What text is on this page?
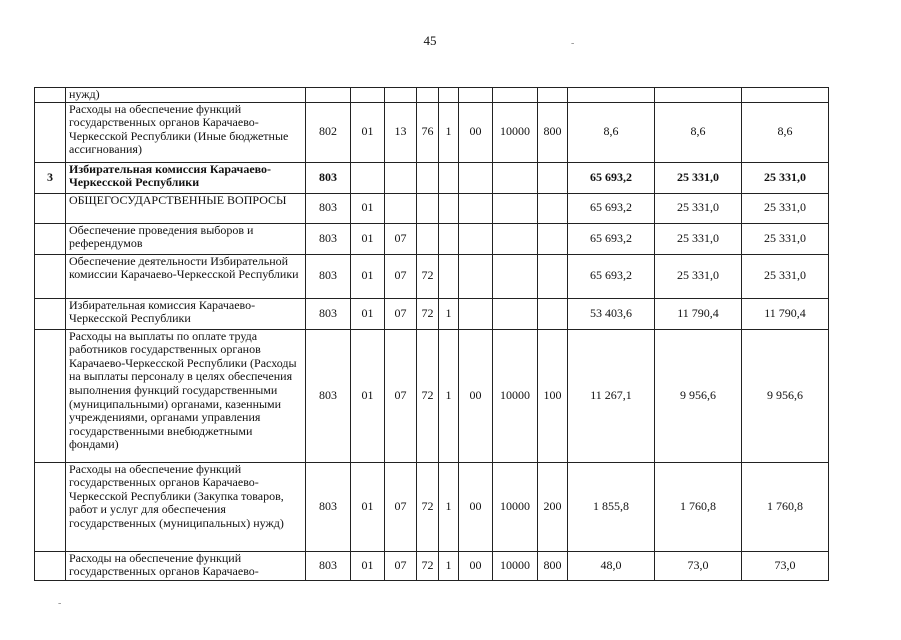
45
	нужд)											
	Расходы на обеспечение функций государственных органов Карачаево-Черкесской Республики (Иные бюджетные ассигнования)	802	01	13	76	1	00	10000	800	8,6	8,6	8,6
3	Избирательная комиссия Карачаево-Черкесской Республики	803								65 693,2	25 331,0	25 331,0
	ОБЩЕГОСУДАРСТВЕННЫЕ ВОПРОСЫ	803	01							65 693,2	25 331,0	25 331,0
	Обеспечение проведения выборов и референдумов	803	01	07						65 693,2	25 331,0	25 331,0
	Обеспечение деятельности Избирательной комиссии Карачаево-Черкесской Республики	803	01	07	72					65 693,2	25 331,0	25 331,0
	Избирательная комиссия Карачаево-Черкесской Республики	803	01	07	72	1				53 403,6	11 790,4	11 790,4
	Расходы на выплаты по оплате труда работников государственных органов Карачаево-Черкесской Республики (Расходы на выплаты персоналу в целях обеспечения выполнения функций государственными (муниципальными) органами, казенными учреждениями, органами управления государственными внебюджетными фондами)	803	01	07	72	1	00	10000	100	11 267,1	9 956,6	9 956,6
	Расходы на обеспечение функций государственных органов Карачаево-Черкесской Республики (Закупка товаров, работ и услуг для обеспечения государственных (муниципальных) нужд)	803	01	07	72	1	00	10000	200	1 855,8	1 760,8	1 760,8
	Расходы на обеспечение функций государственных органов Карачаево-	803	01	07	72	1	00	10000	800	48,0	73,0	73,0
-
-
